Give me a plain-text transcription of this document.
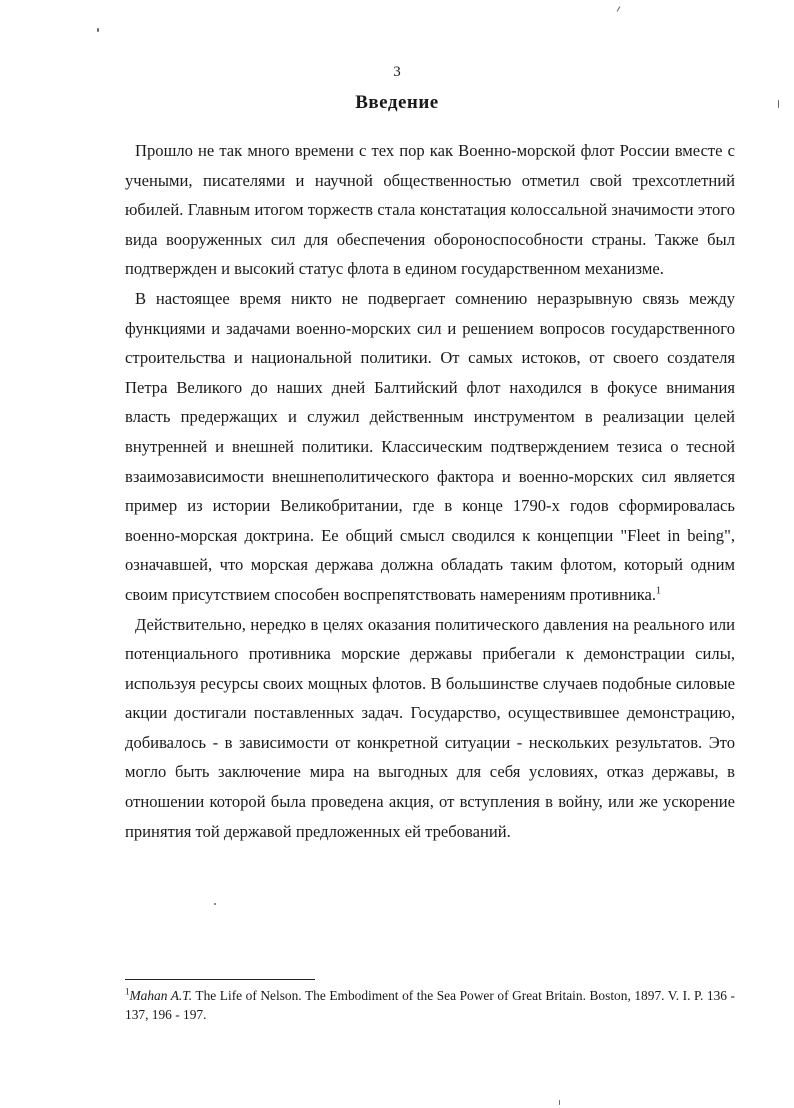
3
Введение

Прошло не так много времени с тех пор как Военно-морской флот России вместе с учеными, писателями и научной общественностью отметил свой трехсотлетний юбилей. Главным итогом торжеств стала констатация колоссальной значимости этого вида вооруженных сил для обеспечения обороноспособности страны. Также был подтвержден и высокий статус флота в едином государственном механизме.

В настоящее время никто не подвергает сомнению неразрывную связь между функциями и задачами военно-морских сил и решением вопросов государственного строительства и национальной политики. От самых истоков, от своего создателя Петра Великого до наших дней Балтийский флот находился в фокусе внимания власть предержащих и служил действенным инструментом в реализации целей внутренней и внешней политики. Классическим подтверждением тезиса о тесной взаимозависимости внешнеполитического фактора и военно-морских сил является пример из истории Великобритании, где в конце 1790-х годов сформировалась военно-морская доктрина. Ее общий смысл сводился к концепции "Fleet in being", означавшей, что морская держава должна обладать таким флотом, который одним своим присутствием способен воспрепятствовать намерениям противника.$^1$

Действительно, нередко в целях оказания политического давления на реального или потенциального противника морские державы прибегали к демонстрации силы, используя ресурсы своих мощных флотов. В большинстве случаев подобные силовые акции достигали поставленных задач. Государство, осуществившее демонстрацию, добивалось - в зависимости от конкретной ситуации - нескольких результатов. Это могло быть заключение мира на выгодных для себя условиях, отказ державы, в отношении которой была проведена акция, от вступления в войну, или же ускорение принятия той державой предложенных ей требований.

$^1$Mahan A.T. The Life of Nelson. The Embodiment of the Sea Power of Great Britain. Boston, 1897. V. I. P. 136 - 137, 196 - 197.
